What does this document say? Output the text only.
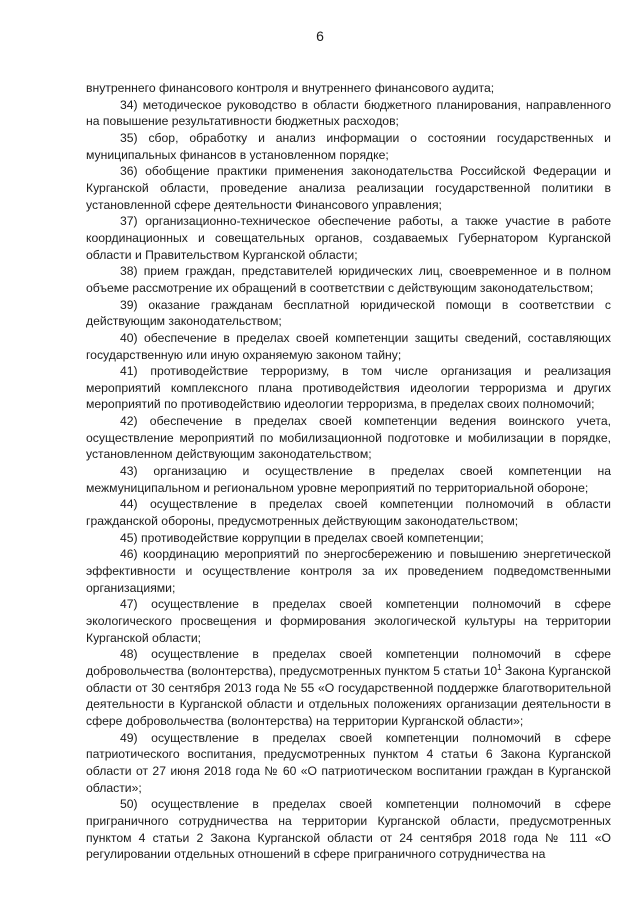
6

внутреннего финансового контроля и внутреннего финансового аудита;

34) методическое руководство в области бюджетного планирования, направленного на повышение результативности бюджетных расходов;

35) сбор, обработку и анализ информации о состоянии государственных и муниципальных финансов в установленном порядке;

36) обобщение практики применения законодательства Российской Федерации и Курганской области, проведение анализа реализации государственной политики в установленной сфере деятельности Финансового управления;

37) организационно-техническое обеспечение работы, а также участие в работе координационных и совещательных органов, создаваемых Губернатором Курганской области и Правительством Курганской области;

38) прием граждан, представителей юридических лиц, своевременное и в полном объеме рассмотрение их обращений в соответствии с действующим законодательством;

39) оказание гражданам бесплатной юридической помощи в соответствии с действующим законодательством;

40) обеспечение в пределах своей компетенции защиты сведений, составляющих государственную или иную охраняемую законом тайну;

41) противодействие терроризму, в том числе организация и реализация мероприятий комплексного плана противодействия идеологии терроризма и других мероприятий по противодействию идеологии терроризма, в пределах своих полномочий;

42) обеспечение в пределах своей компетенции ведения воинского учета, осуществление мероприятий по мобилизационной подготовке и мобилизации в порядке, установленном действующим законодательством;

43) организацию и осуществление в пределах своей компетенции на межмуниципальном и региональном уровне мероприятий по территориальной обороне;

44) осуществление в пределах своей компетенции полномочий в области гражданской обороны, предусмотренных действующим законодательством;

45) противодействие коррупции в пределах своей компетенции;

46) координацию мероприятий по энергосбережению и повышению энергетической эффективности и осуществление контроля за их проведением подведомственными организациями;

47) осуществление в пределах своей компетенции полномочий в сфере экологического просвещения и формирования экологической культуры на территории Курганской области;

48) осуществление в пределах своей компетенции полномочий в сфере добровольчества (волонтерства), предусмотренных пунктом 5 статьи $10^1$ Закона Курганской области от 30 сентября 2013 года № 55 «О государственной поддержке благотворительной деятельности в Курганской области и отдельных положениях организации деятельности в сфере добровольчества (волонтерства) на территории Курганской области»;

49) осуществление в пределах своей компетенции полномочий в сфере патриотического воспитания, предусмотренных пунктом 4 статьи 6 Закона Курганской области от 27 июня 2018 года № 60 «О патриотическом воспитании граждан в Курганской области»;

50) осуществление в пределах своей компетенции полномочий в сфере приграничного сотрудничества на территории Курганской области, предусмотренных пунктом 4 статьи 2 Закона Курганской области от 24 сентября 2018 года № 111 «О регулировании отдельных отношений в сфере приграничного сотрудничества на
